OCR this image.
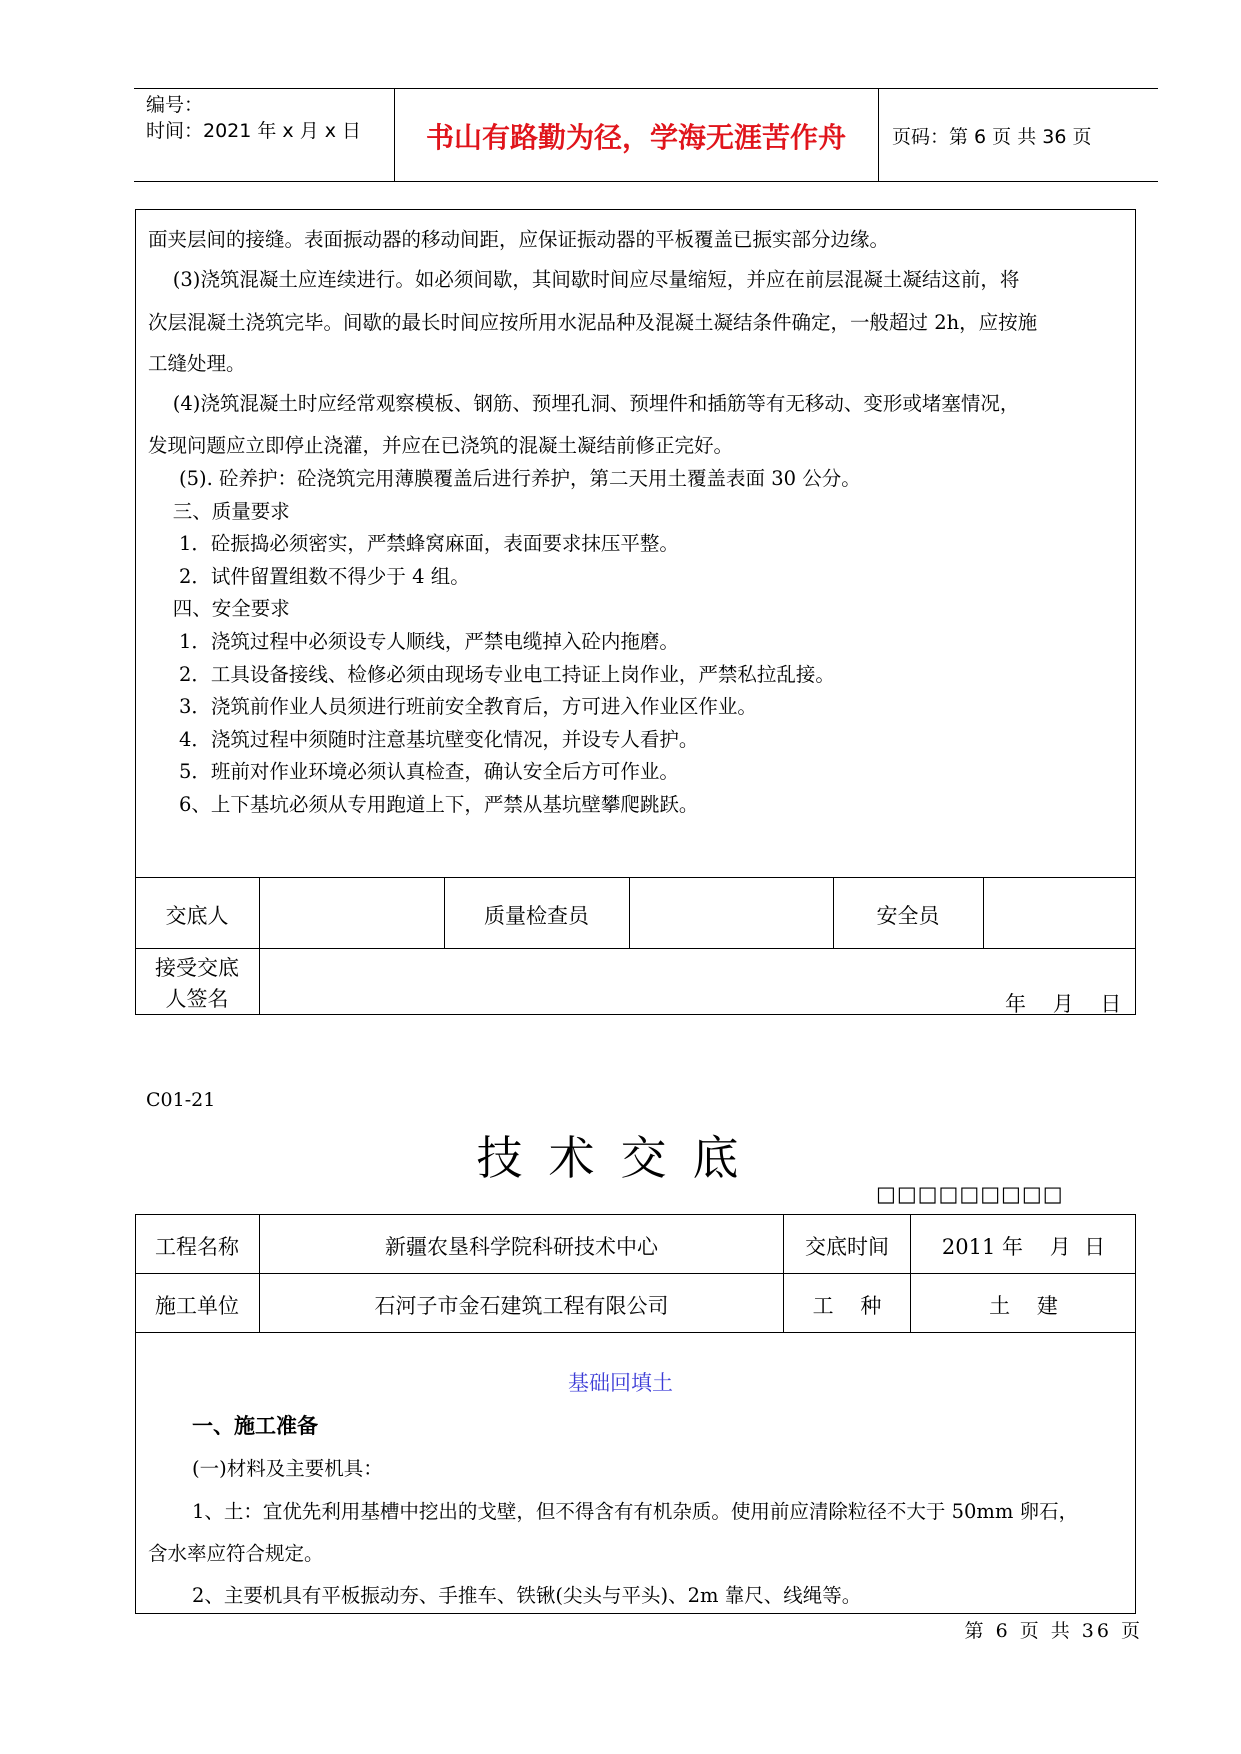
编号：
时间：2021 年 x 月 x 日	书山有路勤为径，学海无涯苦作舟	页码：第 6 页 共 36 页
面夹层间的接缝。表面振动器的移动间距，应保证振动器的平板覆盖已振实部分边缘。
(3)浇筑混凝土应连续进行。如必须间歇，其间歇时间应尽量缩短，并应在前层混凝土凝结这前，将
次层混凝土浇筑完毕。间歇的最长时间应按所用水泥品种及混凝土凝结条件确定，一般超过 2h，应按施
工缝处理。
(4)浇筑混凝土时应经常观察模板、钢筋、预埋孔洞、预埋件和插筋等有无移动、变形或堵塞情况，
发现问题应立即停止浇灌，并应在已浇筑的混凝土凝结前修正完好。
(5). 砼养护：砼浇筑完用薄膜覆盖后进行养护，第二天用土覆盖表面 30 公分。
三、质量要求
1．砼振捣必须密实，严禁蜂窝麻面，表面要求抹压平整。
2．试件留置组数不得少于 4 组。
四、安全要求
1．浇筑过程中必须设专人顺线，严禁电缆掉入砼内拖磨。
2．工具设备接线、检修必须由现场专业电工持证上岗作业，严禁私拉乱接。
3．浇筑前作业人员须进行班前安全教育后，方可进入作业区作业。
4．浇筑过程中须随时注意基坑壁变化情况，并设专人看护。
5．班前对作业环境必须认真检查，确认安全后方可作业。
6、上下基坑必须从专用跑道上下，严禁从基坑壁攀爬跳跃。
交底人	质量检查员	安全员
接受交底
人签名	年    月    日
C01-21
技术交底
□□□□□□□□□
工程名称	新疆农垦科学院科研技术中心	交底时间	2011 年    月  日
施工单位	石河子市金石建筑工程有限公司	工    种	土    建
基础回填土
一、施工准备
(一)材料及主要机具：
1、土：宜优先利用基槽中挖出的戈壁，但不得含有有机杂质。使用前应清除粒径不大于 50mm 卵石，
含水率应符合规定。
2、主要机具有平板振动夯、手推车、铁锹(尖头与平头)、2m 靠尺、线绳等。
第 6 页 共 36 页
